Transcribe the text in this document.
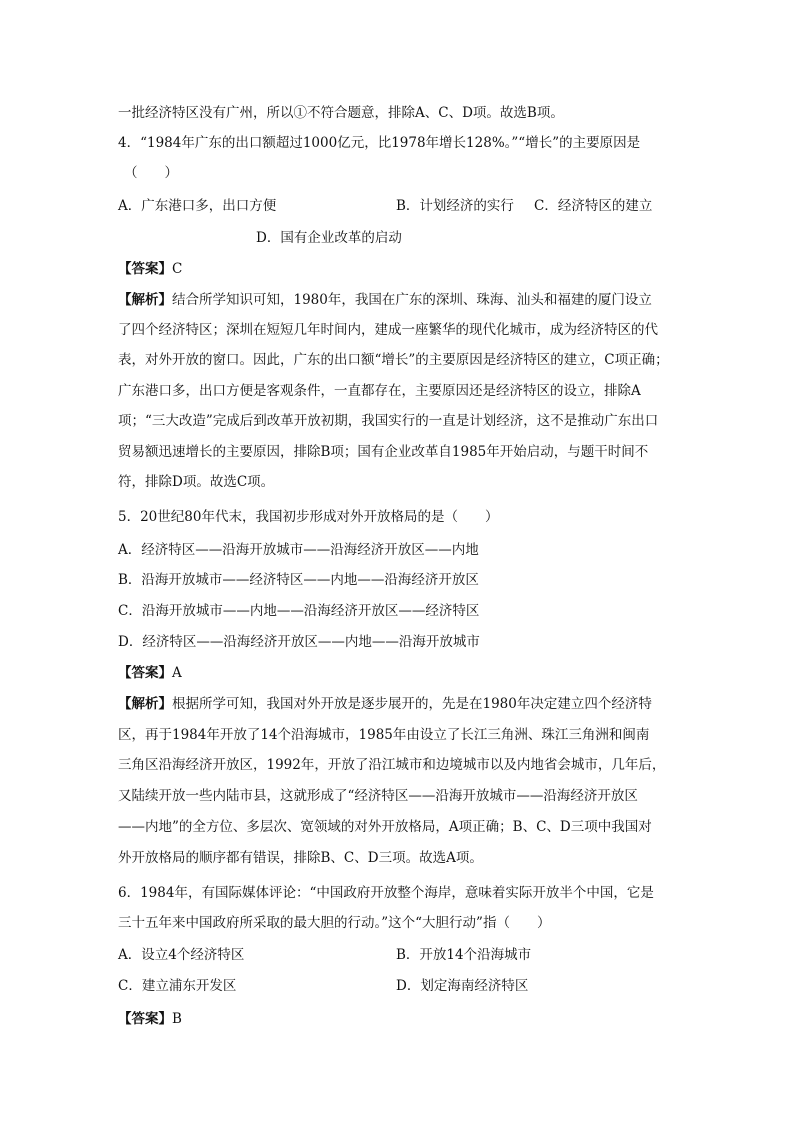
一批经济特区没有广州，所以①不符合题意，排除A、C、D项。故选B项。
4．“1984年广东的出口额超过1000亿元，比1978年增长128%。”“增长”的主要原因是
（　　）
A．广东港口多，出口方便	B．计划经济的实行 C．经济特区的建立
D．国有企业改革的启动
【答案】C
【解析】结合所学知识可知，1980年，我国在广东的深圳、珠海、汕头和福建的厦门设立
了四个经济特区；深圳在短短几年时间内，建成一座繁华的现代化城市，成为经济特区的代
表，对外开放的窗口。因此，广东的出口额“增长”的主要原因是经济特区的建立，C项正确；
广东港口多，出口方便是客观条件，一直都存在，主要原因还是经济特区的设立，排除A
项；“三大改造”完成后到改革开放初期，我国实行的一直是计划经济，这不是推动广东出口
贸易额迅速增长的主要原因，排除B项；国有企业改革自1985年开始启动，与题干时间不
符，排除D项。故选C项。
5．20世纪80年代末，我国初步形成对外开放格局的是（　　）
A．经济特区——沿海开放城市——沿海经济开放区——内地
B．沿海开放城市——经济特区——内地——沿海经济开放区
C．沿海开放城市——内地——沿海经济开放区——经济特区
D．经济特区——沿海经济开放区——内地——沿海开放城市
【答案】A
【解析】根据所学可知，我国对外开放是逐步展开的，先是在1980年决定建立四个经济特
区，再于1984年开放了14个沿海城市，1985年由设立了长江三角洲、珠江三角洲和闽南
三角区沿海经济开放区，1992年，开放了沿江城市和边境城市以及内地省会城市，几年后，
又陆续开放一些内陆市县，这就形成了“经济特区——沿海开放城市——沿海经济开放区
——内地”的全方位、多层次、宽领域的对外开放格局，A项正确；B、C、D三项中我国对
外开放格局的顺序都有错误，排除B、C、D三项。故选A项。
6．1984年，有国际媒体评论：“中国政府开放整个海岸，意味着实际开放半个中国，它是
三十五年来中国政府所采取的最大胆的行动。”这个“大胆行动”指（　　）
A．设立4个经济特区	B．开放14个沿海城市
C．建立浦东开发区	D．划定海南经济特区
【答案】B
